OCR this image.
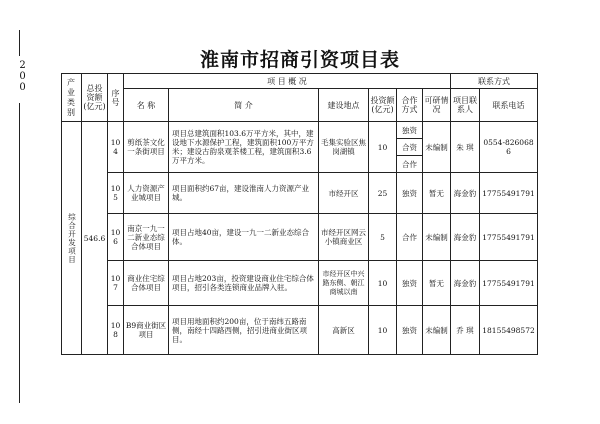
200	淮南市招商引资项目表
产业类别	总投资额(亿元)	序号	项 目 概 况						联系方式	
			名 称	简 介	建设地点	投资额(亿元)	合作方式	可研情况	项目联系人	联系电话

综合开发项目	546.6	104	剪纸茶文化一条街项目	项目总建筑面积103.6万平方米，其中，建设地下水源保护工程，建筑面积100万平方米；建设古韵泉观茶楼工程，建筑面积3.6万平方米。	毛集实验区焦岗湖镇	10	独资	未编制	朱 琪	0554-8260686
							合资			
							合作			
		105	人力资源产业城项目	项目面积约67亩，建设淮南人力资源产业城。	市经开区	25	独资	暂无	海金豹	17755491791
		106	南京一九一二新业态综合体项目	项目占地40亩，建设一九一二新业态综合体。	市经开区网云小镇商业区	5	合作	未编制	海金豹	17755491791
		107	商业住宅综合体项目	项目占地203亩，投资建设商业住宅综合体项目，招引各类连锁商业品牌入驻。	市经开区中兴路东侧、朝江商城以南	10	独资	暂无	海金豹	17755491791
		108	B9商业街区项目	项目用地面积约200亩，位于南纬五路南侧，南经十四路西侧，招引进商业街区项目。	高新区	10	独资	未编制	乔 琪	18155498572
